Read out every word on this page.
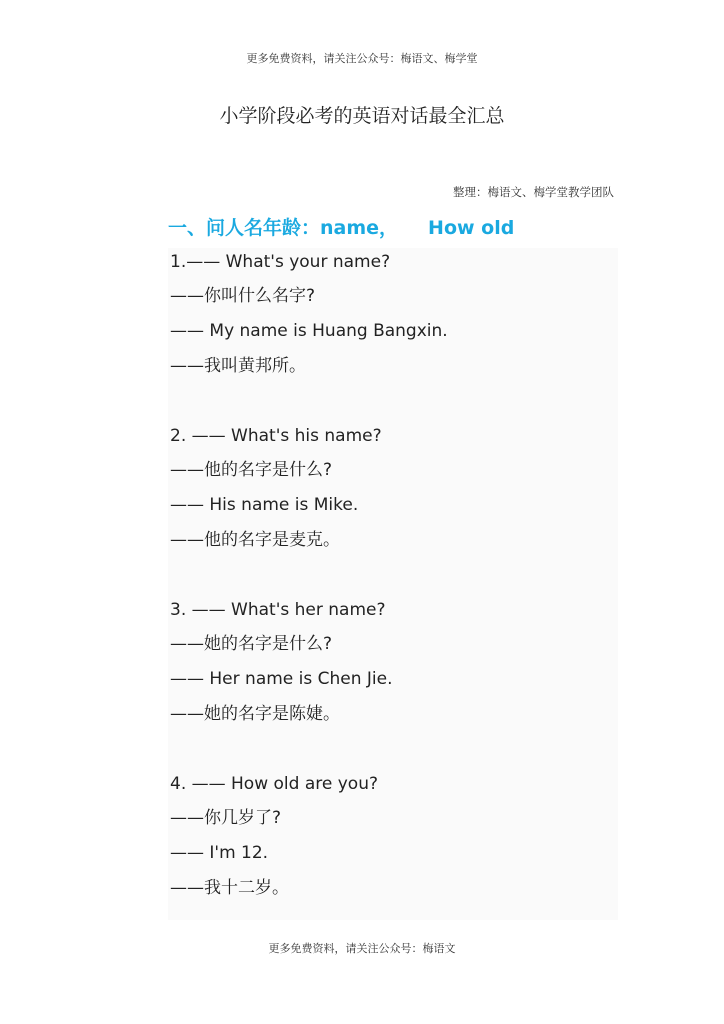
更多免费资料，请关注公众号：梅语文、梅学堂
小学阶段必考的英语对话最全汇总
整理：梅语文、梅学堂教学团队
一、问人名年龄：name， How old
1.—— What's your name?
——你叫什么名字?
—— My name is Huang Bangxin.
——我叫黄邦所。
2. —— What's his name?
——他的名字是什么?
—— His name is Mike.
——他的名字是麦克。
3. —— What's her name?
——她的名字是什么?
—— Her name is Chen Jie.
——她的名字是陈婕。
4. —— How old are you?
——你几岁了?
—— I'm 12.
——我十二岁。
更多免费资料，请关注公众号：梅语文
